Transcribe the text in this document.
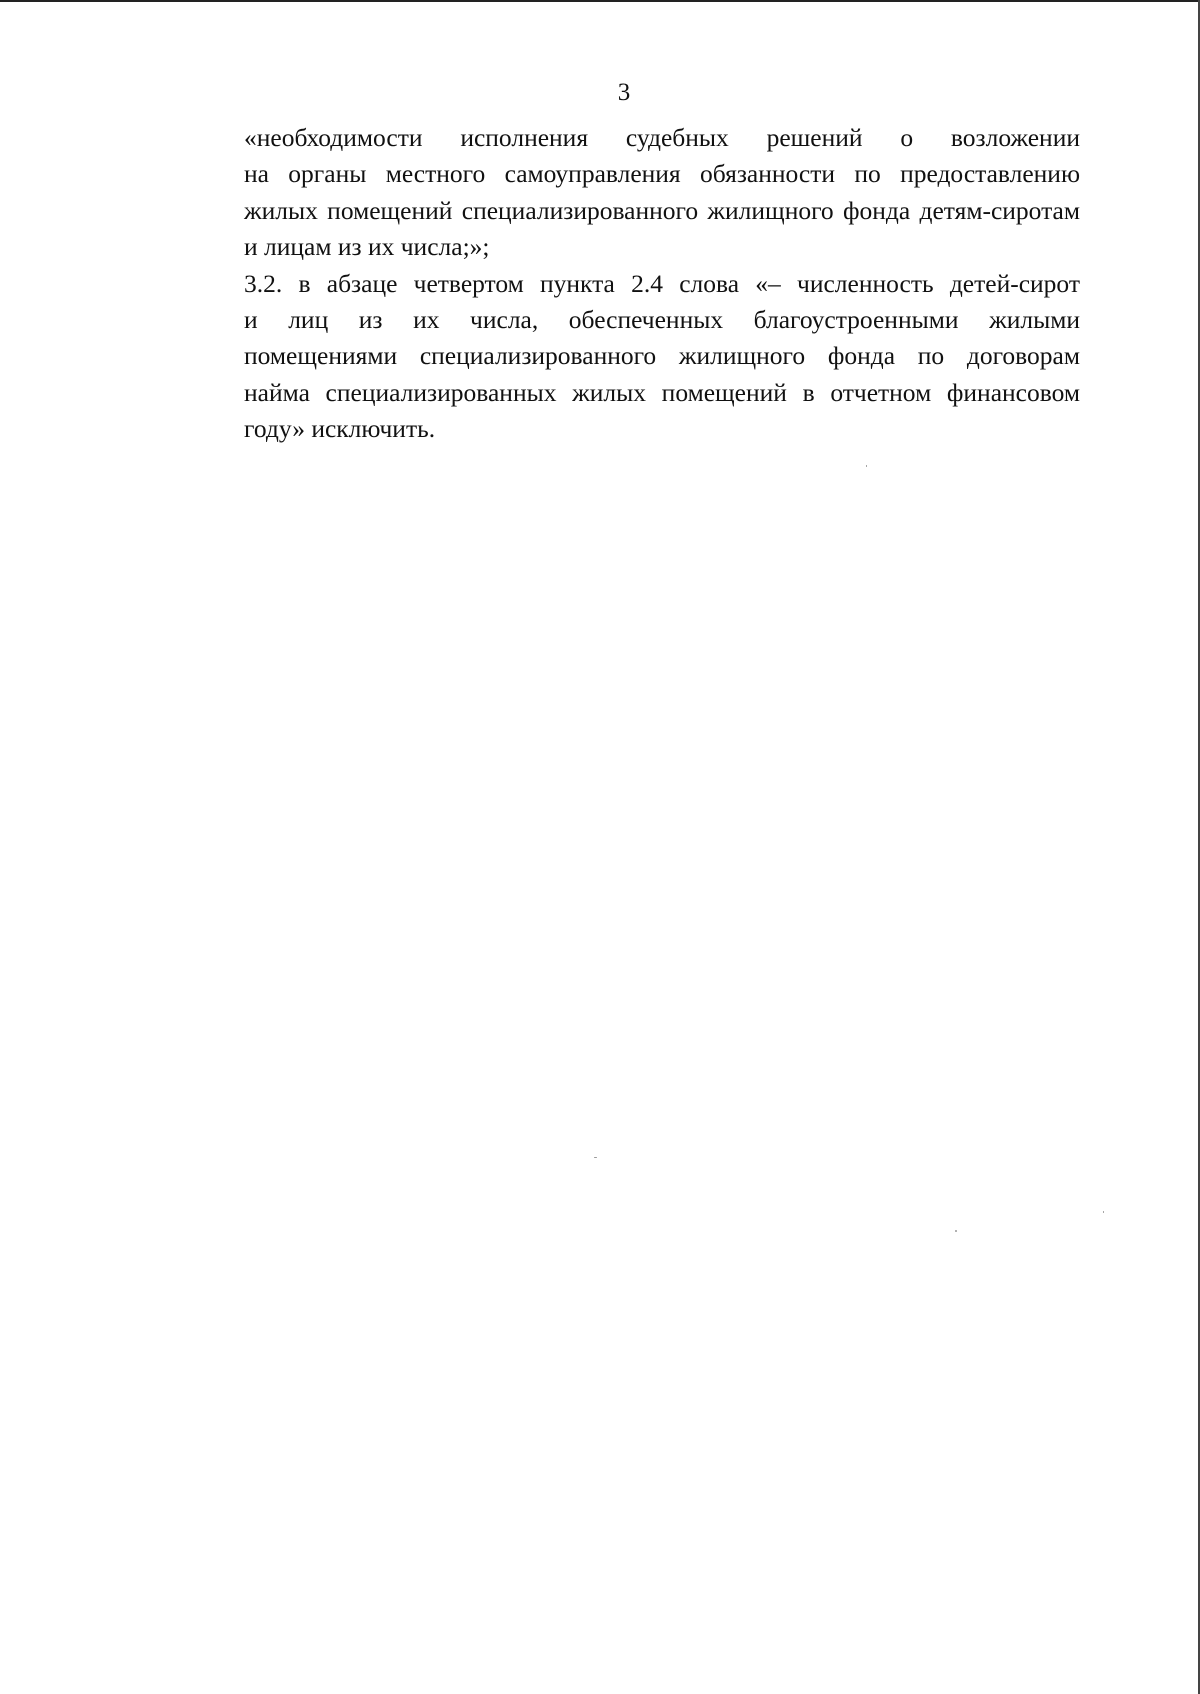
3

«необходимости исполнения судебных решений о возложении
на органы местного самоуправления обязанности по предоставлению
жилых помещений специализированного жилищного фонда детям-сиротам
и лицам из их числа;»;

3.2. в абзаце четвертом пункта 2.4 слова «– численность детей-сирот
и лиц из их числа, обеспеченных благоустроенными жилыми
помещениями специализированного жилищного фонда по договорам
найма специализированных жилых помещений в отчетном финансовом
году» исключить.
